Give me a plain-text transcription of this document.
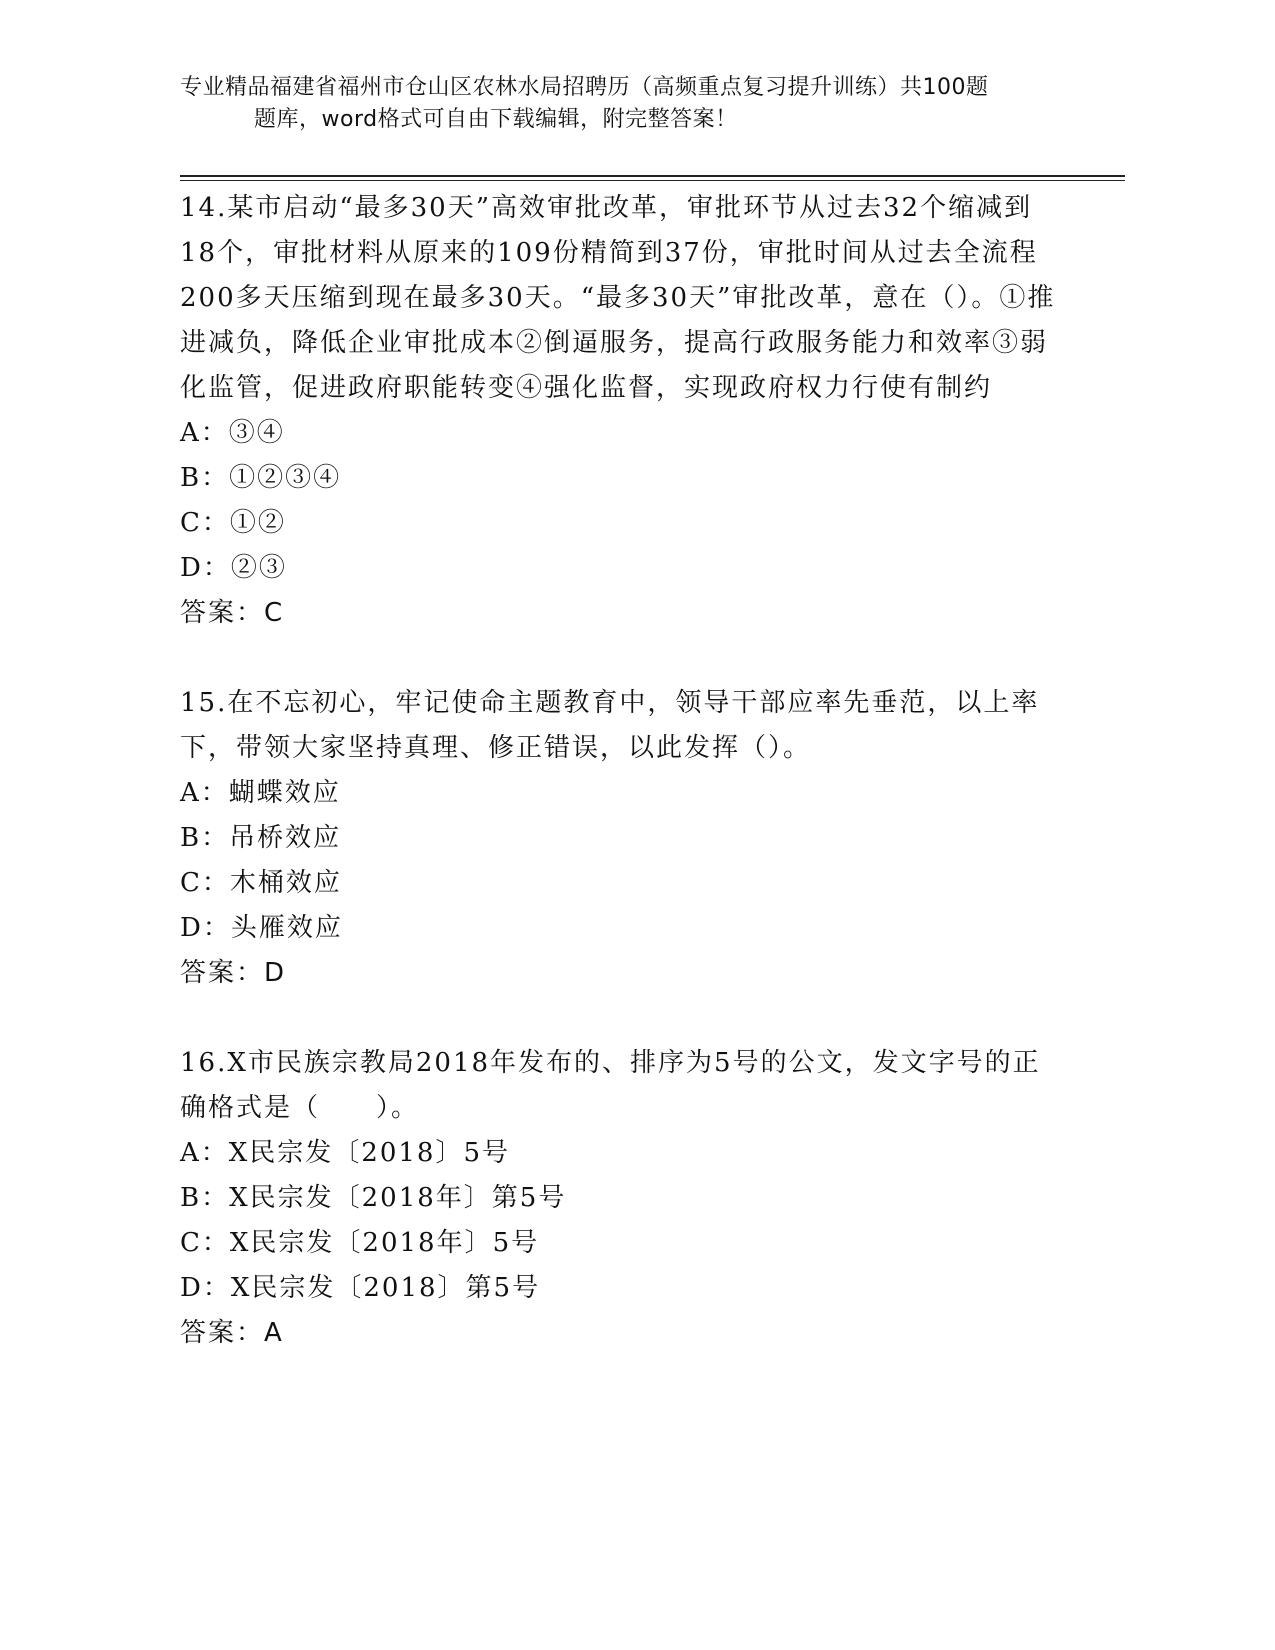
专业精品福建省福州市仓山区农林水局招聘历（高频重点复习提升训练）共100题
题库，word格式可自由下载编辑，附完整答案！

14.某市启动“最多30天”高效审批改革，审批环节从过去32个缩减到18个，审批材料从原来的109份精简到37份，审批时间从过去全流程200多天压缩到现在最多30天。“最多30天”审批改革，意在（）。①推进减负，降低企业审批成本②倒逼服务，提高行政服务能力和效率③弱化监管，促进政府职能转变④强化监督，实现政府权力行使有制约

A：③④

B：①②③④

C：①②

D：②③

答案：C

15.在不忘初心，牢记使命主题教育中，领导干部应率先垂范，以上率下，带领大家坚持真理、修正错误，以此发挥（）。

A：蝴蝶效应

B：吊桥效应

C：木桶效应

D：头雁效应

答案：D

16.X市民族宗教局2018年发布的、排序为5号的公文，发文字号的正确格式是（　　）。

A：X民宗发〔2018〕5号

B：X民宗发〔2018年〕第5号

C：X民宗发〔2018年〕5号

D：X民宗发〔2018〕第5号

答案：A
